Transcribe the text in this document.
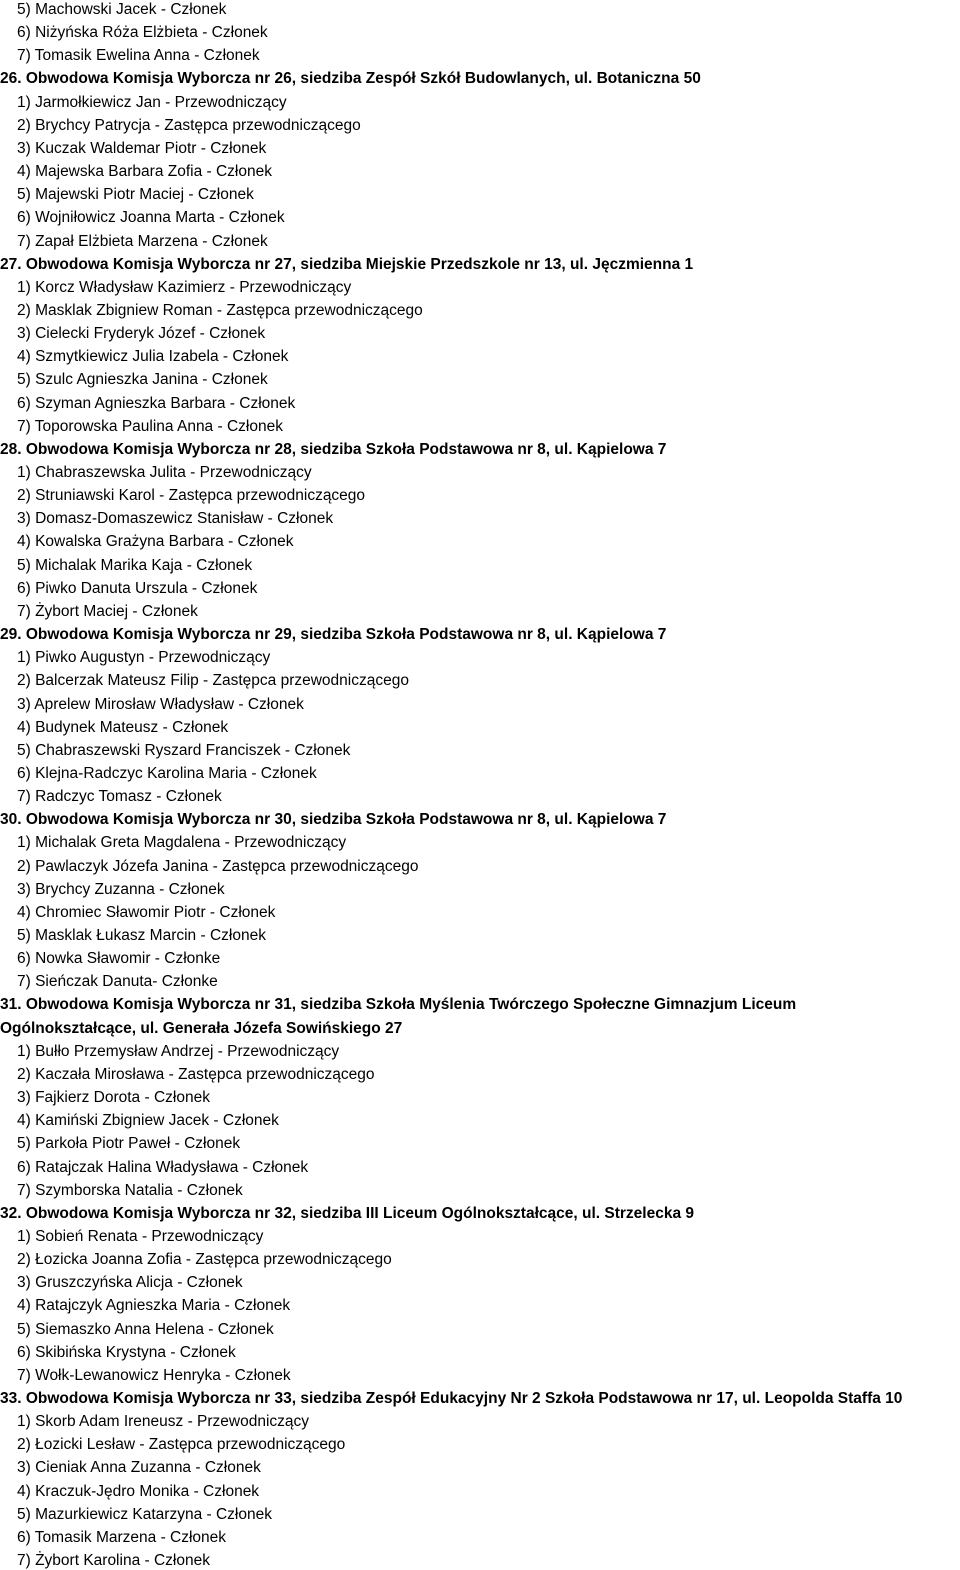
5) Machowski Jacek - Członek
6) Niżyńska Róża Elżbieta - Członek
7) Tomasik Ewelina Anna - Członek
26. Obwodowa Komisja Wyborcza nr 26, siedziba Zespół Szkół Budowlanych, ul. Botaniczna 50
1) Jarmołkiewicz Jan - Przewodniczący
2) Brychcy Patrycja - Zastępca przewodniczącego
3) Kuczak Waldemar Piotr - Członek
4) Majewska Barbara Zofia - Członek
5) Majewski Piotr Maciej - Członek
6) Wojniłowicz Joanna Marta - Członek
7) Zapał Elżbieta Marzena - Członek
27. Obwodowa Komisja Wyborcza nr 27, siedziba Miejskie Przedszkole nr 13, ul. Jęczmienna 1
1) Korcz Władysław Kazimierz - Przewodniczący
2) Masklak Zbigniew Roman - Zastępca przewodniczącego
3) Cielecki Fryderyk Józef - Członek
4) Szmytkiewicz Julia Izabela - Członek
5) Szulc Agnieszka Janina - Członek
6) Szyman Agnieszka Barbara - Członek
7) Toporowska Paulina Anna - Członek
28. Obwodowa Komisja Wyborcza nr 28, siedziba Szkoła Podstawowa nr 8, ul. Kąpielowa 7
1) Chabraszewska Julita - Przewodniczący
2) Struniawski Karol - Zastępca przewodniczącego
3) Domasz-Domaszewicz Stanisław - Członek
4) Kowalska Grażyna Barbara - Członek
5) Michalak Marika Kaja - Członek
6) Piwko Danuta Urszula - Członek
7) Żybort Maciej - Członek
29. Obwodowa Komisja Wyborcza nr 29, siedziba Szkoła Podstawowa nr 8, ul. Kąpielowa 7
1) Piwko Augustyn - Przewodniczący
2) Balcerzak Mateusz Filip - Zastępca przewodniczącego
3) Aprelew Mirosław Władysław - Członek
4) Budynek Mateusz - Członek
5) Chabraszewski Ryszard Franciszek - Członek
6) Klejna-Radczyc Karolina Maria - Członek
7) Radczyc Tomasz - Członek
30. Obwodowa Komisja Wyborcza nr 30, siedziba Szkoła Podstawowa nr 8, ul. Kąpielowa 7
1) Michalak Greta Magdalena - Przewodniczący
2) Pawlaczyk Józefa Janina - Zastępca przewodniczącego
3) Brychcy Zuzanna - Członek
4) Chromiec Sławomir Piotr - Członek
5) Masklak Łukasz Marcin - Członek
6) Nowka Sławomir - Członke
7) Sieńczak Danuta- Członke
31. Obwodowa Komisja Wyborcza nr 31, siedziba Szkoła Myślenia Twórczego Społeczne Gimnazjum Liceum
Ogólnokształcące, ul. Generała Józefa Sowińskiego 27
1) Bułło Przemysław Andrzej - Przewodniczący
2) Kaczała Mirosława - Zastępca przewodniczącego
3) Fajkierz Dorota - Członek
4) Kamiński Zbigniew Jacek - Członek
5) Parkoła Piotr Paweł - Członek
6) Ratajczak Halina Władysława - Członek
7) Szymborska Natalia - Członek
32. Obwodowa Komisja Wyborcza nr 32, siedziba III Liceum Ogólnokształcące, ul. Strzelecka 9
1) Sobień Renata - Przewodniczący
2) Łozicka Joanna Zofia - Zastępca przewodniczącego
3) Gruszczyńska Alicja - Członek
4) Ratajczyk Agnieszka Maria - Członek
5) Siemaszko Anna Helena - Członek
6) Skibińska Krystyna - Członek
7) Wołk-Lewanowicz Henryka - Członek
33. Obwodowa Komisja Wyborcza nr 33, siedziba Zespół Edukacyjny Nr 2 Szkoła Podstawowa nr 17, ul. Leopolda Staffa 10
1) Skorb Adam Ireneusz - Przewodniczący
2) Łozicki Lesław - Zastępca przewodniczącego
3) Cieniak Anna Zuzanna - Członek
4) Kraczuk-Jędro Monika - Członek
5) Mazurkiewicz Katarzyna - Członek
6) Tomasik Marzena - Członek
7) Żybort Karolina - Członek
